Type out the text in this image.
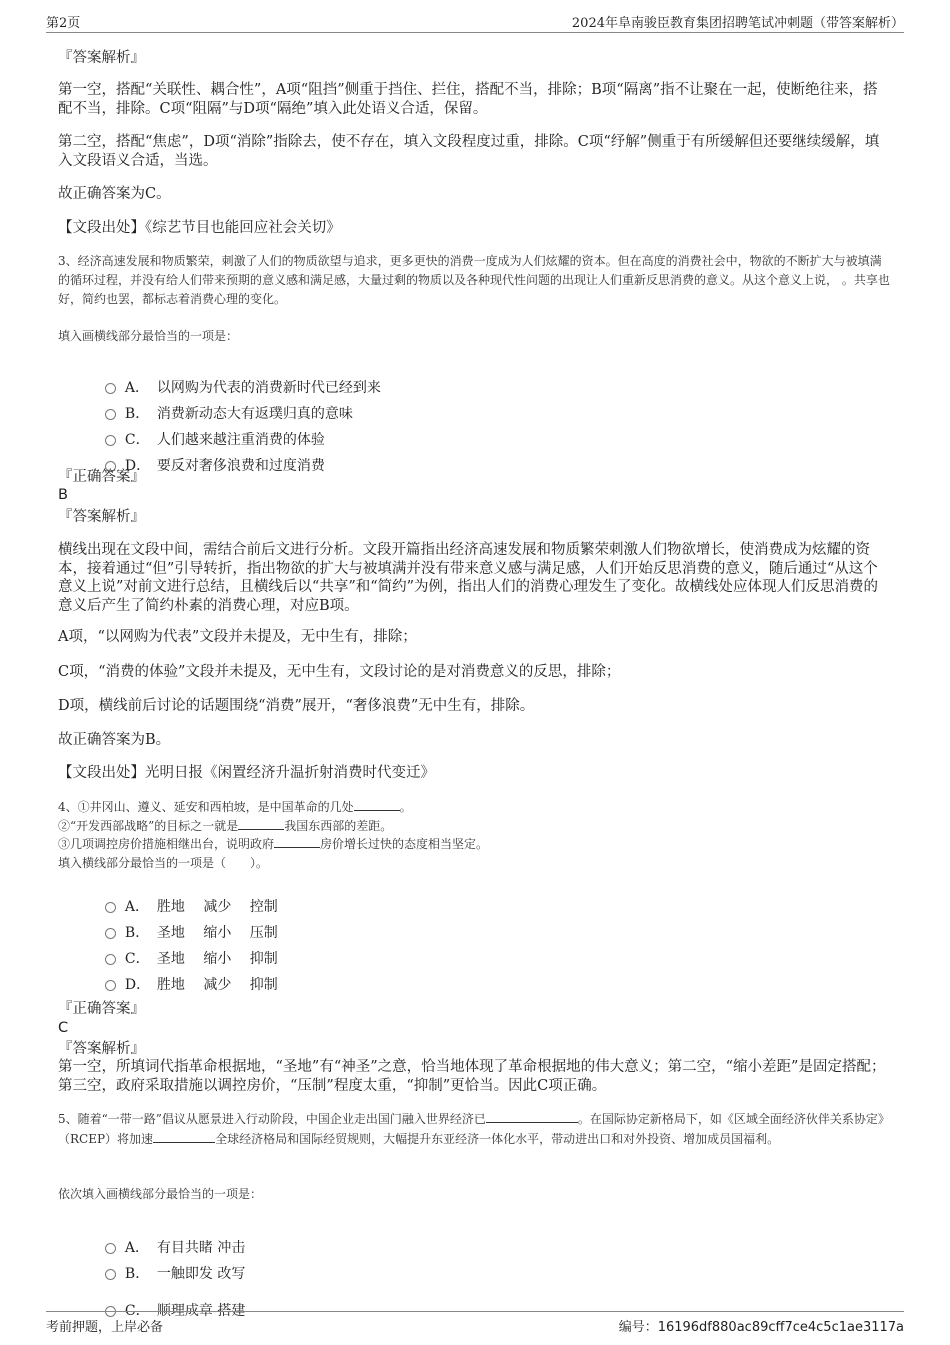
第2页	2024年阜南骏臣教育集团招聘笔试冲刺题（带答案解析）

『答案解析』

第一空，搭配“关联性、耦合性”，A项“阻挡”侧重于挡住、拦住，搭配不当，排除；B项“隔离”指不让聚在一起，使断绝往来，搭配不当，排除。C项“阻隔”与D项“隔绝”填入此处语义合适，保留。

第二空，搭配“焦虑”，D项“消除”指除去，使不存在，填入文段程度过重，排除。C项“纾解”侧重于有所缓解但还要继续缓解，填入文段语义合适，当选。

故正确答案为C。

【文段出处】《综艺节目也能回应社会关切》

3、经济高速发展和物质繁荣，刺激了人们的物质欲望与追求，更多更快的消费一度成为人们炫耀的资本。但在高度的消费社会中，物欲的不断扩大与被填满的循环过程，并没有给人们带来预期的意义感和满足感，大量过剩的物质以及各种现代性问题的出现让人们重新反思消费的意义。从这个意义上说， 。共享也好，简约也罢，都标志着消费心理的变化。

填入画横线部分最恰当的一项是：

A． 以网购为代表的消费新时代已经到来

B． 消费新动态大有返璞归真的意味

C． 人们越来越注重消费的体验

D． 要反对奢侈浪费和过度消费

『正确答案』

B

『答案解析』

横线出现在文段中间，需结合前后文进行分析。文段开篇指出经济高速发展和物质繁荣刺激人们物欲增长，使消费成为炫耀的资本，接着通过“但”引导转折，指出物欲的扩大与被填满并没有带来意义感与满足感，人们开始反思消费的意义，随后通过“从这个意义上说”对前文进行总结，且横线后以“共享”和“简约”为例，指出人们的消费心理发生了变化。故横线处应体现人们反思消费的意义后产生了简约朴素的消费心理，对应B项。

A项，“以网购为代表”文段并未提及，无中生有，排除；

C项，“消费的体验”文段并未提及，无中生有，文段讨论的是对消费意义的反思，排除；

D项，横线前后讨论的话题围绕“消费”展开，“奢侈浪费”无中生有，排除。

故正确答案为B。

【文段出处】光明日报《闲置经济升温折射消费时代变迁》

4、①井冈山、遵义、延安和西柏坡，是中国革命的几处	。
②“开发西部战略”的目标之一就是	我国东西部的差距。
③几项调控房价措施相继出台，说明政府	房价增长过快的态度相当坚定。
填入横线部分最恰当的一项是（　　）。

A． 胜地　 减少 　控制

B． 圣地　 缩小 　压制

C． 圣地　 缩小 　抑制

D． 胜地　 减少 　抑制

『正确答案』

C

『答案解析』

第一空，所填词代指革命根据地，“圣地”有“神圣”之意，恰当地体现了革命根据地的伟大意义；第二空，“缩小差距”是固定搭配；第三空，政府采取措施以调控房价，“压制”程度太重，“抑制”更恰当。因此C项正确。

5、随着“一带一路”倡议从愿景进入行动阶段，中国企业走出国门融入世界经济已	。在国际协定新格局下，如《区域全面经济伙伴关系协定》（RCEP）将加速	全球经济格局和国际经贸规则，大幅提升东亚经济一体化水平，带动进出口和对外投资、增加成员国福利。

依次填入画横线部分最恰当的一项是：

A． 有目共睹 冲击

B． 一触即发 改写

C． 顺理成章 搭建

考前押题，上岸必备	编号：16196df880ac89cff7ce4c5c1ae3117a
